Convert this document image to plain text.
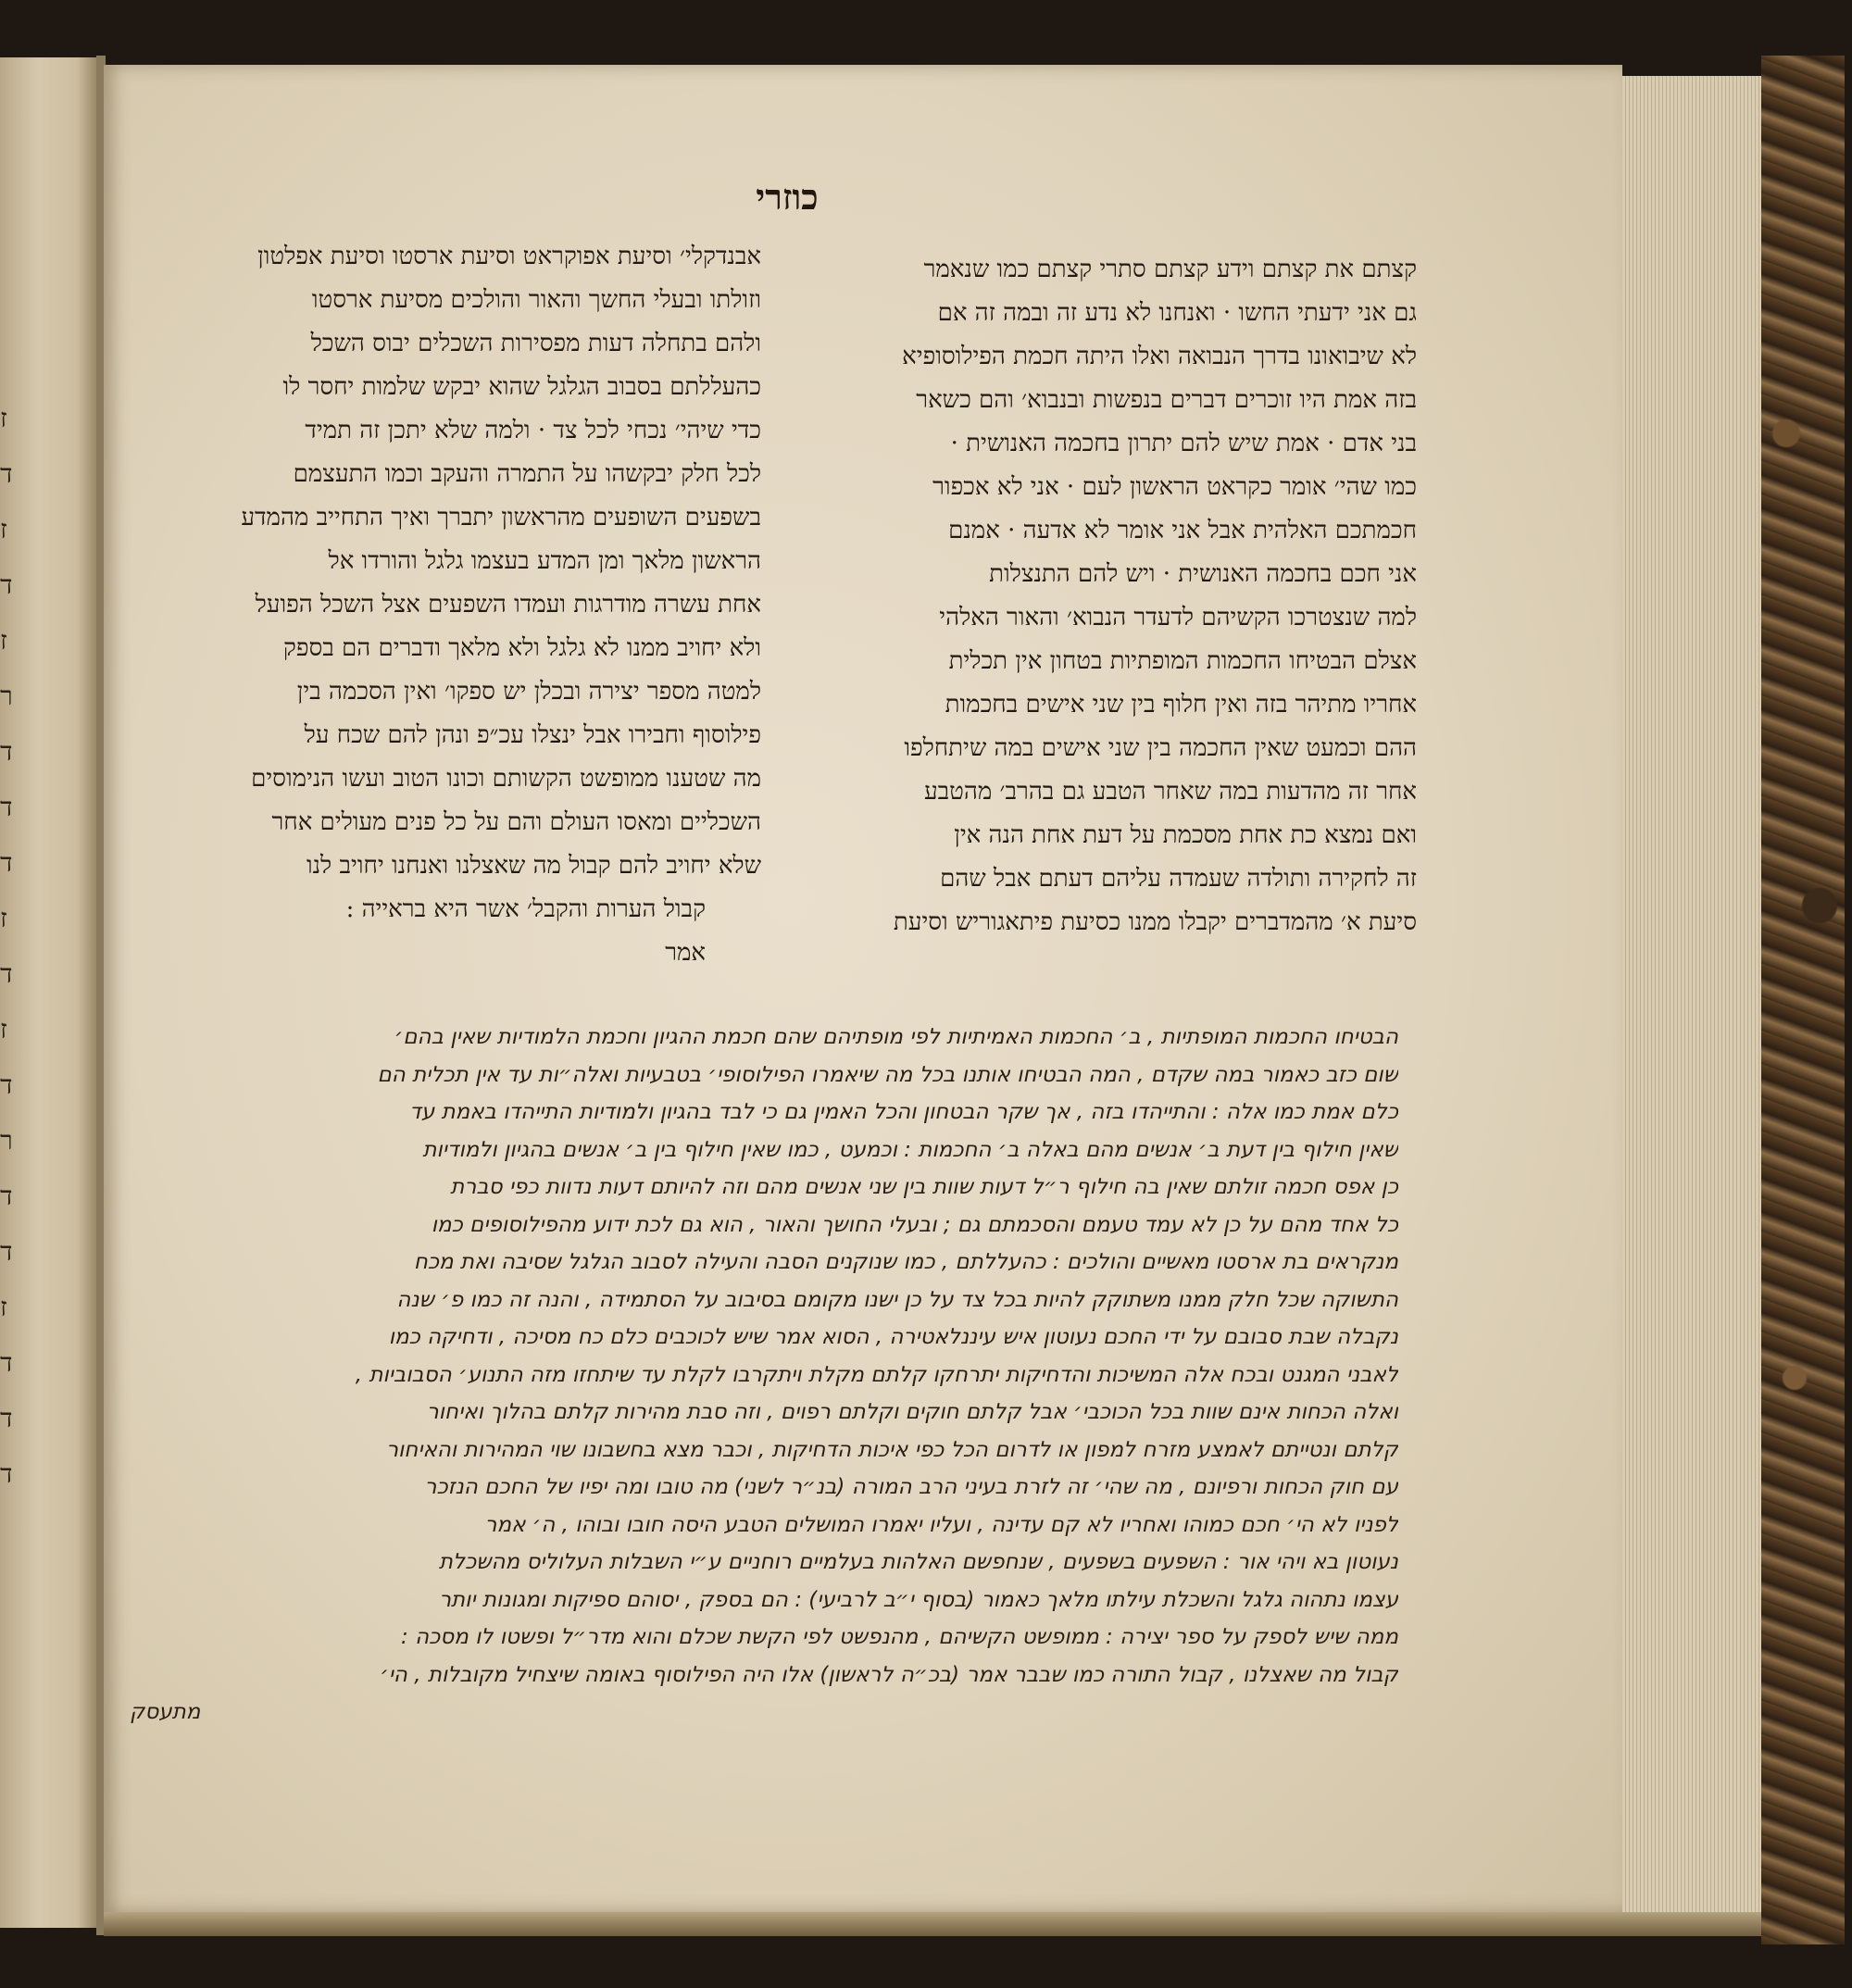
ז
ד
ז
ד
ז
ר
ד
ד
ד
ז
ד
ז
ד
ר
ד
ד
ז
ד
ד
ד
כוזרי
קצתם את קצתם וידע קצתם סתרי קצתם כמו שנאמר
גם אני ידעתי החשו · ואנחנו לא נדע זה ובמה זה אם
לא שיבואונו בדרך הנבואה ואלו היתה חכמת הפילוסופיא
בזה אמת היו זוכרים דברים בנפשות ובנבוא׳ והם כשאר
בני אדם · אמת שיש להם יתרון בחכמה האנושית ·
כמו שהי׳ אומר כקראט הראשון לעם · אני לא אכפור
חכמתכם האלהית אבל אני אומר לא אדעה · אמנם
אני חכם בחכמה האנושית · ויש להם התנצלות
למה שנצטרכו הקשיהם לדעדר הנבוא׳ והאור האלהי
אצלם הבטיחו החכמות המופתיות בטחון אין תכלית
אחריו מתיהר בזה ואין חלוף בין שני אישים בחכמות
ההם וכמעט שאין החכמה בין שני אישים במה שיתחלפו
אחר זה מהדעות במה שאחר הטבע גם בהרב׳ מהטבע
ואם נמצא כת אחת מסכמת על דעת אחת הנה אין
זה לחקירה ותולדה שעמדה עליהם דעתם אבל שהם
סיעת א׳ מהמדברים יקבלו ממנו כסיעת פיתאגוריש וסיעת
אבנדקלי׳ וסיעת אפוקראט וסיעת ארסטו וסיעת אפלטון
וזולתו ובעלי החשך והאור והולכים מסיעת ארסטו
ולהם בתחלה דעות מפסירות השכלים יבוס השכל
כהעללתם בסבוב הגלגל שהוא יבקש שלמות יחסר לו
כדי שיהי׳ נכחי לכל צד · ולמה שלא יתכן זה תמיד
לכל חלק יבקשהו על התמרה והעקב וכמו התעצמם
בשפעים השופעים מהראשון יתברך ואיך התחייב מהמדע
הראשון מלאך ומן המדע בעצמו גלגל והורדו אל
אחת עשרה מודרגות ועמדו השפעים אצל השכל הפועל
ולא יחויב ממנו לא גלגל ולא מלאך ודברים הם בספק
למטה מספר יצירה ובכלן יש ספקו׳ ואין הסכמה בין
פילוסוף וחבירו אבל ינצלו עכ״פ ונהן להם שכח על
מה שטענו ממופשט הקשותם וכונו הטוב ועשו הנימוסים
השכליים ומאסו העולם והם על כל פנים מעולים אחר
שלא יחויב להם קבול מה שאצלנו ואנחנו יחויב לנו
קבול הערות והקבל׳ אשר היא בראייה :
אמר
הבטיחו החכמות המופתיות , ב׳ החכמות האמיתיות לפי מופתיהם שהם חכמת ההגיון וחכמת הלמודיות שאין בהם׳
שום כזב כאמור במה שקדם , המה הבטיחו אותנו בכל מה שיאמרו הפילוסופי׳ בטבעיות ואלה״ות עד אין תכלית הם
כלם אמת כמו אלה : והתייהדו בזה , אך שקר הבטחון והכל האמין גם כי לבד בהגיון ולמודיות התייהדו באמת עד
שאין חילוף בין דעת ב׳ אנשים מהם באלה ב׳ החכמות : וכמעט , כמו שאין חילוף בין ב׳ אנשים בהגיון ולמודיות
כן אפס חכמה זולתם שאין בה חילוף ר״ל דעות שוות בין שני אנשים מהם וזה להיותם דעות נדוות כפי סברת
כל אחד מהם על כן לא עמד טעמם והסכמתם גם ; ובעלי החושך והאור , הוא גם לכת ידוע מהפילוסופים כמו
מנקראים בת ארסטו מאשיים והולכים : כהעללתם , כמו שנוקנים הסבה והעילה לסבוב הגלגל שסיבה ואת מכח
התשוקה שכל חלק ממנו משתוקק להיות בכל צד על כן ישנו מקומם בסיבוב על הסתמידה , והנה זה כמו פ׳ שנה
נקבלה שבת סבובם על ידי החכם נעוטון איש עיננלאטירה , הסוא אמר שיש לכוכבים כלם כח מסיכה , ודחיקה כמו
לאבני המגנט ובכח אלה המשיכות והדחיקות יתרחקו קלתם מקלת ויתקרבו לקלת עד שיתחזו מזה התנוע׳ הסבוביות ,
ואלה הכחות אינם שוות בכל הכוכבי׳ אבל קלתם חוקים וקלתם רפוים , וזה סבת מהירות קלתם בהלוך ואיחור
קלתם ונטייתם לאמצע מזרח למפון או לדרום הכל כפי איכות הדחיקות , וכבר מצא בחשבונו שוי המהירות והאיחור
עם חוק הכחות ורפיונם , מה שהי׳ זה לזרת בעיני הרב המורה (בנ״ר לשני) מה טובו ומה יפיו של החכם הנזכר
לפניו לא הי׳ חכם כמוהו ואחריו לא קם עדינה , ועליו יאמרו המושלים הטבע היסה חובו ובוהו , ה׳ אמר
נעוטון בא ויהי אור : השפעים בשפעים , שנחפשם האלהות בעלמיים רוחניים ע״י השבלות העלוליס מהשכלת
עצמו נתהוה גלגל והשכלת עילתו מלאך כאמור (בסוף י״ב לרביעי) : הם בספק , יסוהם ספיקות ומגונות יותר
ממה שיש לספק על ספר יצירה : ממופשט הקשיהם , מהנפשט לפי הקשת שכלם והוא מדר״ל ופשטו לו מסכה :
קבול מה שאצלנו , קבול התורה כמו שבבר אמר (בכ״ה לראשון) אלו היה הפילוסוף באומה שיצחיל מקובלות , הי׳
מתעסק
